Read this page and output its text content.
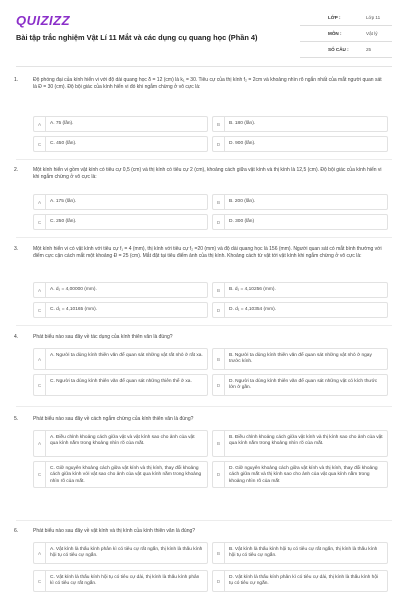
QUIZIZZ
Bài tập trắc nghiệm Vật Lí 11 Mắt và các dụng cụ quang học (Phần 4)
LỚP :	Lớp 11
MÔN :	Vật lý
SỐ CÂU :	25
1.	Độ phóng đại của kính hiển vi với độ dài quang học δ = 12 (cm) là k₁ = 30. Tiêu cự của thị kính f₂ = 2cm và khoảng nhìn rõ ngắn nhất của mắt người quan sát là Đ = 30 (cm). Độ bội giác của kính hiển vi đó khi ngắm chừng ở vô cực là:
A	A. 75 (lần).	B	B. 180 (lần).
C	C. 450 (lần).	D	D. 900 (lần).
2.	Một kính hiển vi gồm vật kính có tiêu cự 0,5 (cm) và thị kính có tiêu cự 2 (cm), khoảng cách giữa vật kính và thị kính là 12,5 (cm). Độ bội giác của kính hiển vi khi ngắm chừng ở vô cực là:
A	A. 175 (lần).	B	B. 200 (lần).
C	C. 250 (lần).	D	D. 300 (lần)
3.	Một kính hiển vi có vật kính với tiêu cự f₁ = 4 (mm), thị kính với tiêu cự f₂ =20 (mm) và độ dài quang học là 156 (mm). Người quan sát có mắt bình thường với điểm cực cận cách mắt một khoảng Đ = 25 (cm). Mắt đặt tại tiêu điểm ảnh của thị kính. Khoảng cách từ vật tới vật kính khi ngắm chừng ở vô cực là:
A	A. d₁ = 4,00000 (mm).	B	B. d₁ = 4,10256 (mm).
C	C. d₁ = 4,10165 (mm).	D	D. d₁ = 4,10354 (mm).
4.	Phát biểu nào sau đây về tác dụng của kính thiên văn là đúng?
A
A. Người ta dùng kính thiên văn để quan sát những vật rất nhỏ ở rất xa.
B
B. Người ta dùng kính thiên văn để quan sát những vật nhỏ ở ngay trước kính.
C
C. Người ta dùng kính thiên văn để quan sát những thiên thể ở xa.
D
D. Người ta dùng kính thiên văn để quan sát những vật có kích thước lớn ở gần.
5.	Phát biểu nào sau đây về cách ngắm chừng của kính thiên văn là đúng?
A
A. Điều chỉnh khoảng cách giữa vật và vật kính sao cho ảnh của vật qua kính nằm trong khoảng nhìn rõ của mắt.	B
B. Điều chỉnh khoảng cách giữa vật kính và thị kính sao cho ảnh của vật qua kính nằm trong khoảng nhìn rõ của mắt.
C
C. Giữ nguyên khoảng cách giữa vật kính và thị kính, thay đổi khoảng cách giữa kính với vật sao cho ảnh của vật qua kính nằm trong khoảng nhìn rõ của mắt.
D
D. Giữ nguyên khoảng cách giữa vật kính và thị kính, thay đổi khoảng cách giữa mắt và thị kính sao cho ảnh của vật qua kính nằm trong khoảng nhìn rõ của mắt
6.	Phát biểu nào sau đây về vật kính và thị kính của kính thiên văn là đúng?
A
A. Vật kính là thấu kính phân kì có tiêu cự rất ngắn, thị kính là thấu kính hội tụ có tiêu cự ngắn.
B
B. Vật kính là thấu kính hội tụ có tiêu cự rất ngắn, thị kính là thấu kính hội tụ có tiêu cự ngắn.
C
C. Vật kính là thấu kính hội tụ có tiêu cự dài, thị kính là thấu kính phân kì có tiêu cự rất ngắn.
D
D. Vật kính là thấu kính phân kì có tiêu cự dài, thị kính là thấu kính hội tụ có tiêu cự ngắn.
